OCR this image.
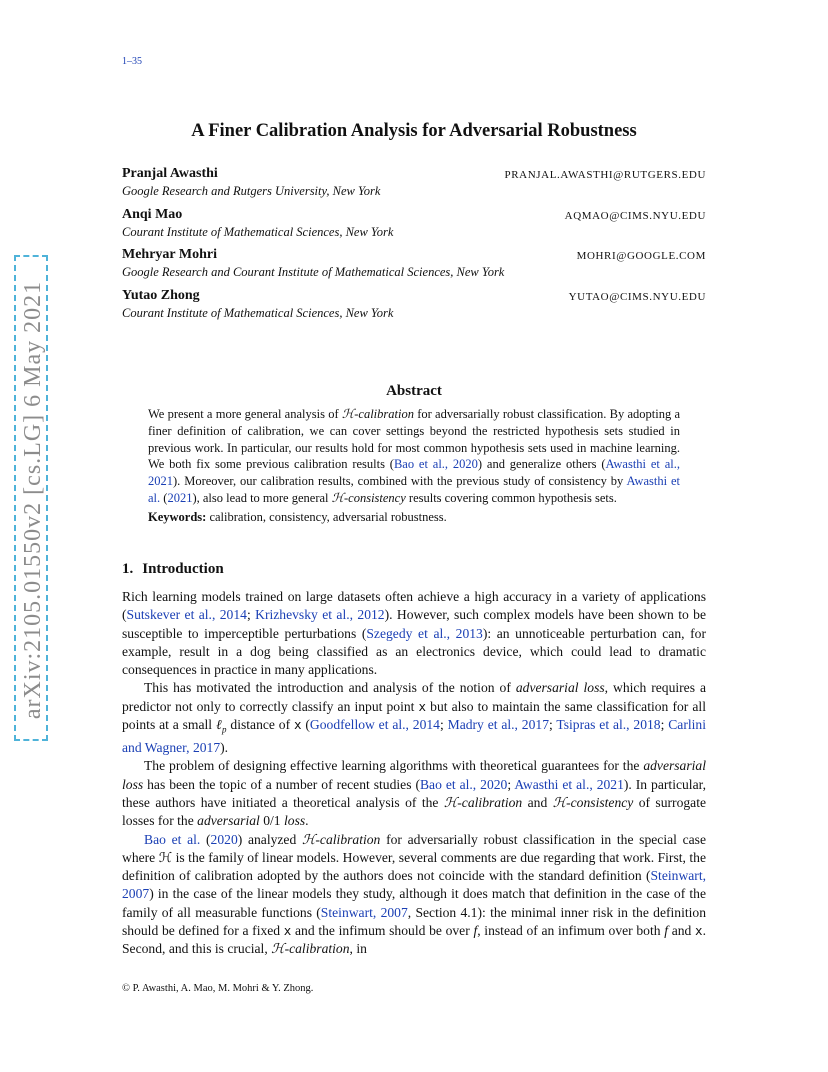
1–35
arXiv:2105.01550v2 [cs.LG] 6 May 2021
A Finer Calibration Analysis for Adversarial Robustness
Pranjal Awasthi	PRANJAL.AWASTHI@RUTGERS.EDU
Google Research and Rutgers University, New York
Anqi Mao	AQMAO@CIMS.NYU.EDU
Courant Institute of Mathematical Sciences, New York
Mehryar Mohri	MOHRI@GOOGLE.COM
Google Research and Courant Institute of Mathematical Sciences, New York
Yutao Zhong	YUTAO@CIMS.NYU.EDU
Courant Institute of Mathematical Sciences, New York
Abstract

We present a more general analysis of ℋ-calibration for adversarially robust classification. By adopting a finer definition of calibration, we can cover settings beyond the restricted hypothesis sets studied in previous work. In particular, our results hold for most common hypothesis sets used in machine learning. We both fix some previous calibration results (Bao et al., 2020) and generalize others (Awasthi et al., 2021). Moreover, our calibration results, combined with the previous study of consistency by Awasthi et al. (2021), also lead to more general ℋ-consistency results covering common hypothesis sets.

Keywords: calibration, consistency, adversarial robustness.

1. Introduction

Rich learning models trained on large datasets often achieve a high accuracy in a variety of applications (Sutskever et al., 2014; Krizhevsky et al., 2012). However, such complex models have been shown to be susceptible to imperceptible perturbations (Szegedy et al., 2013): an unnoticeable perturbation can, for example, result in a dog being classified as an electronics device, which could lead to dramatic consequences in practice in many applications.

This has motivated the introduction and analysis of the notion of adversarial loss, which requires a predictor not only to correctly classify an input point x but also to maintain the same classification for all points at a small ℓ$_p$ distance of x (Goodfellow et al., 2014; Madry et al., 2017; Tsipras et al., 2018; Carlini and Wagner, 2017).

The problem of designing effective learning algorithms with theoretical guarantees for the adversarial loss has been the topic of a number of recent studies (Bao et al., 2020; Awasthi et al., 2021). In particular, these authors have initiated a theoretical analysis of the ℋ-calibration and ℋ-consistency of surrogate losses for the adversarial 0/1 loss.

Bao et al. (2020) analyzed ℋ-calibration for adversarially robust classification in the special case where ℋ is the family of linear models. However, several comments are due regarding that work. First, the definition of calibration adopted by the authors does not coincide with the standard definition (Steinwart, 2007) in the case of the linear models they study, although it does match that definition in the case of the family of all measurable functions (Steinwart, 2007, Section 4.1): the minimal inner risk in the definition should be defined for a fixed x and the infimum should be over f, instead of an infimum over both f and x. Second, and this is crucial, ℋ-calibration, in

© P. Awasthi, A. Mao, M. Mohri & Y. Zhong.
